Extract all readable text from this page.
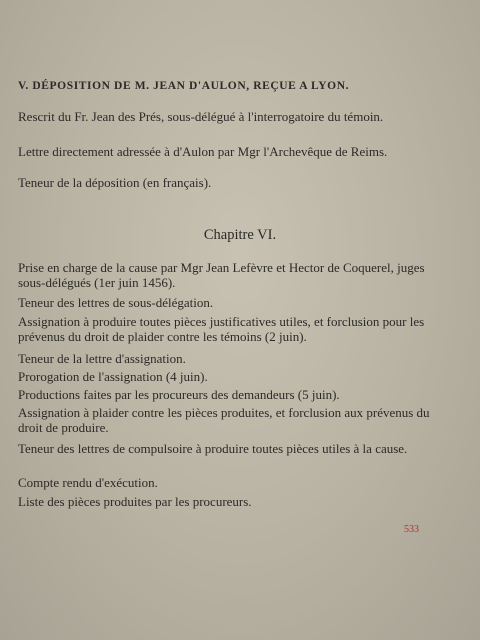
V. DÉPOSITION DE M. JEAN D'AULON, REÇUE A LYON.
Rescrit du Fr. Jean des Prés, sous-délégué à l'interrogatoire du témoin.
Lettre directement adressée à d'Aulon par Mgr l'Archevêque de Reims.
Teneur de la déposition (en français).
Chapitre VI.
Prise en charge de la cause par Mgr Jean Lefèvre et Hector de Coquerel, juges sous-délégués (1er juin 1456).
Teneur des lettres de sous-délégation.
Assignation à produire toutes pièces justificatives utiles, et forclusion pour les prévenus du droit de plaider contre les témoins (2 juin).
Teneur de la lettre d'assignation.
Prorogation de l'assignation (4 juin).
Productions faites par les procureurs des demandeurs (5 juin).
Assignation à plaider contre les pièces produites, et forclusion aux prévenus du droit de produire.
Teneur des lettres de compulsoire à produire toutes pièces utiles à la cause.
Compte rendu d'exécution.
Liste des pièces produites par les procureurs.
533
